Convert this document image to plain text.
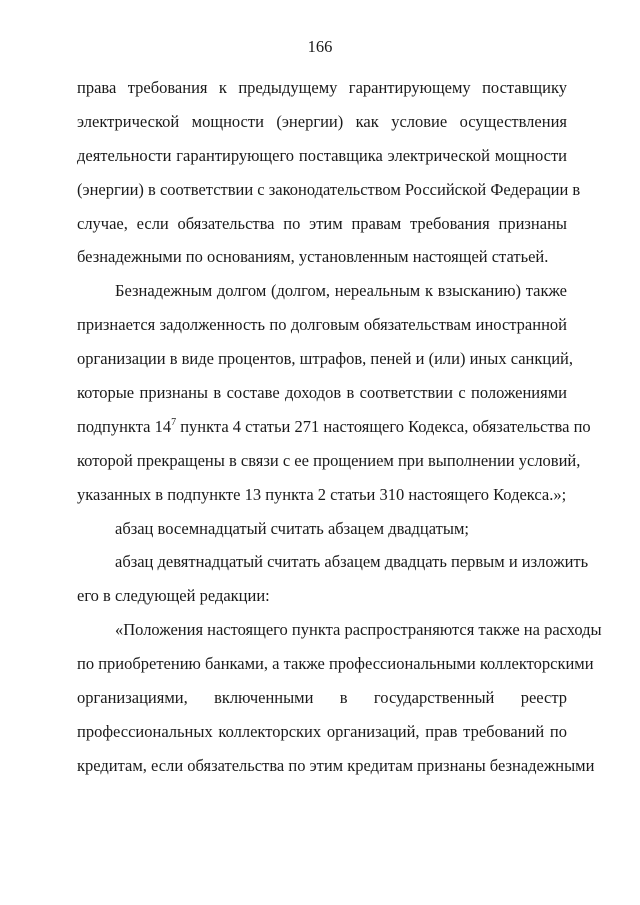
166
права требования к предыдущему гарантирующему поставщику
электрической мощности (энергии) как условие осуществления
деятельности гарантирующего поставщика электрической мощности
(энергии) в соответствии с законодательством Российской Федерации в
случае, если обязательства по этим правам требования признаны
безнадежными по основаниям, установленным настоящей статьей.
Безнадежным долгом (долгом, нереальным к взысканию) также
признается задолженность по долговым обязательствам иностранной
организации в виде процентов, штрафов, пеней и (или) иных санкций,
которые признаны в составе доходов в соответствии с положениями
подпункта $14^7$ пункта 4 статьи 271 настоящего Кодекса, обязательства по
которой прекращены в связи с ее прощением при выполнении условий,
указанных в подпункте 13 пункта 2 статьи 310 настоящего Кодекса.»;
абзац восемнадцатый считать абзацем двадцатым;
абзац девятнадцатый считать абзацем двадцать первым и изложить
его в следующей редакции:
«Положения настоящего пункта распространяются также на расходы
по приобретению банками, а также профессиональными коллекторскими
организациями, включенными в государственный реестр
профессиональных коллекторских организаций, прав требований по
кредитам, если обязательства по этим кредитам признаны безнадежными
